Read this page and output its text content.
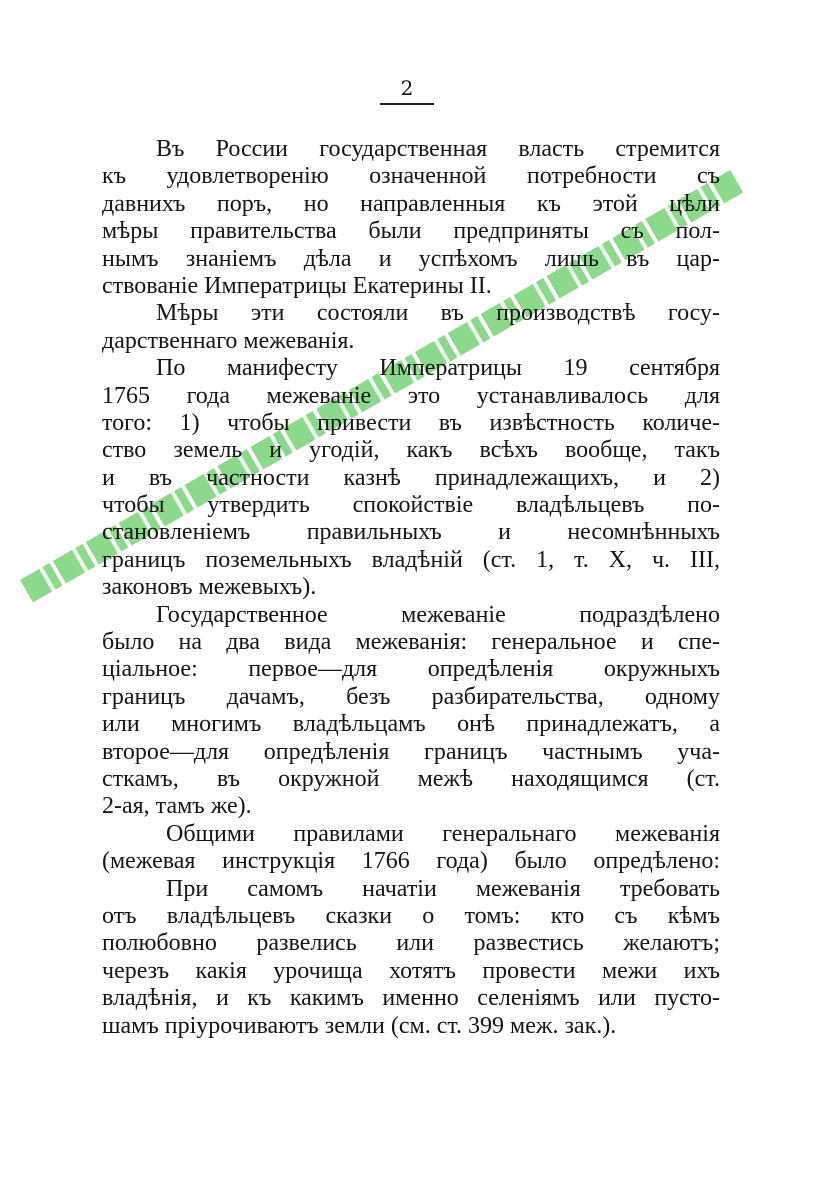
2
Въ России государственная власть стремится
къ удовлетворенію означенной потребности съ
давнихъ поръ, но направленныя къ этой цѣли
мѣры правительства были предприняты съ пол-
нымъ знаніемъ дѣла и успѣхомъ лишь въ цар-
ствованіе Императрицы Екатерины II.
Мѣры эти состояли въ производствѣ госу-
дарственнаго межеванія.
По манифесту Императрицы 19 сентября
1765 года межеваніе это устанавливалось для
того: 1) чтобы привести въ извѣстность количе-
ство земель и угодій, какъ всѣхъ вообще, такъ
и въ частности казнѣ принадлежащихъ, и 2)
чтобы утвердить спокойствіе владѣльцевъ по-
становленіемъ правильныхъ и несомнѣнныхъ
границъ поземельныхъ владѣній (ст. 1, т. X, ч. III,
законовъ межевыхъ).
Государственное межеваніе подраздѣлено
было на два вида межеванія: генеральное и спе-
ціальное: первое—для опредѣленія окружныхъ
границъ дачамъ, безъ разбирательства, одному
или многимъ владѣльцамъ онѣ принадлежатъ, а
второе—для опредѣленія границъ частнымъ уча-
сткамъ, въ окружной межѣ находящимся (ст.
2-ая, тамъ же).
Общими правилами генеральнаго межеванія
(межевая инструкція 1766 года) было опредѣлено:
При самомъ начатіи межеванія требовать
отъ владѣльцевъ сказки о томъ: кто съ кѣмъ
полюбовно развелись или развестись желаютъ;
черезъ какія урочища хотятъ провести межи ихъ
владѣнія, и къ какимъ именно селеніямъ или пусто-
шамъ пріурочиваютъ земли (см. ст. 399 меж. зак.).
